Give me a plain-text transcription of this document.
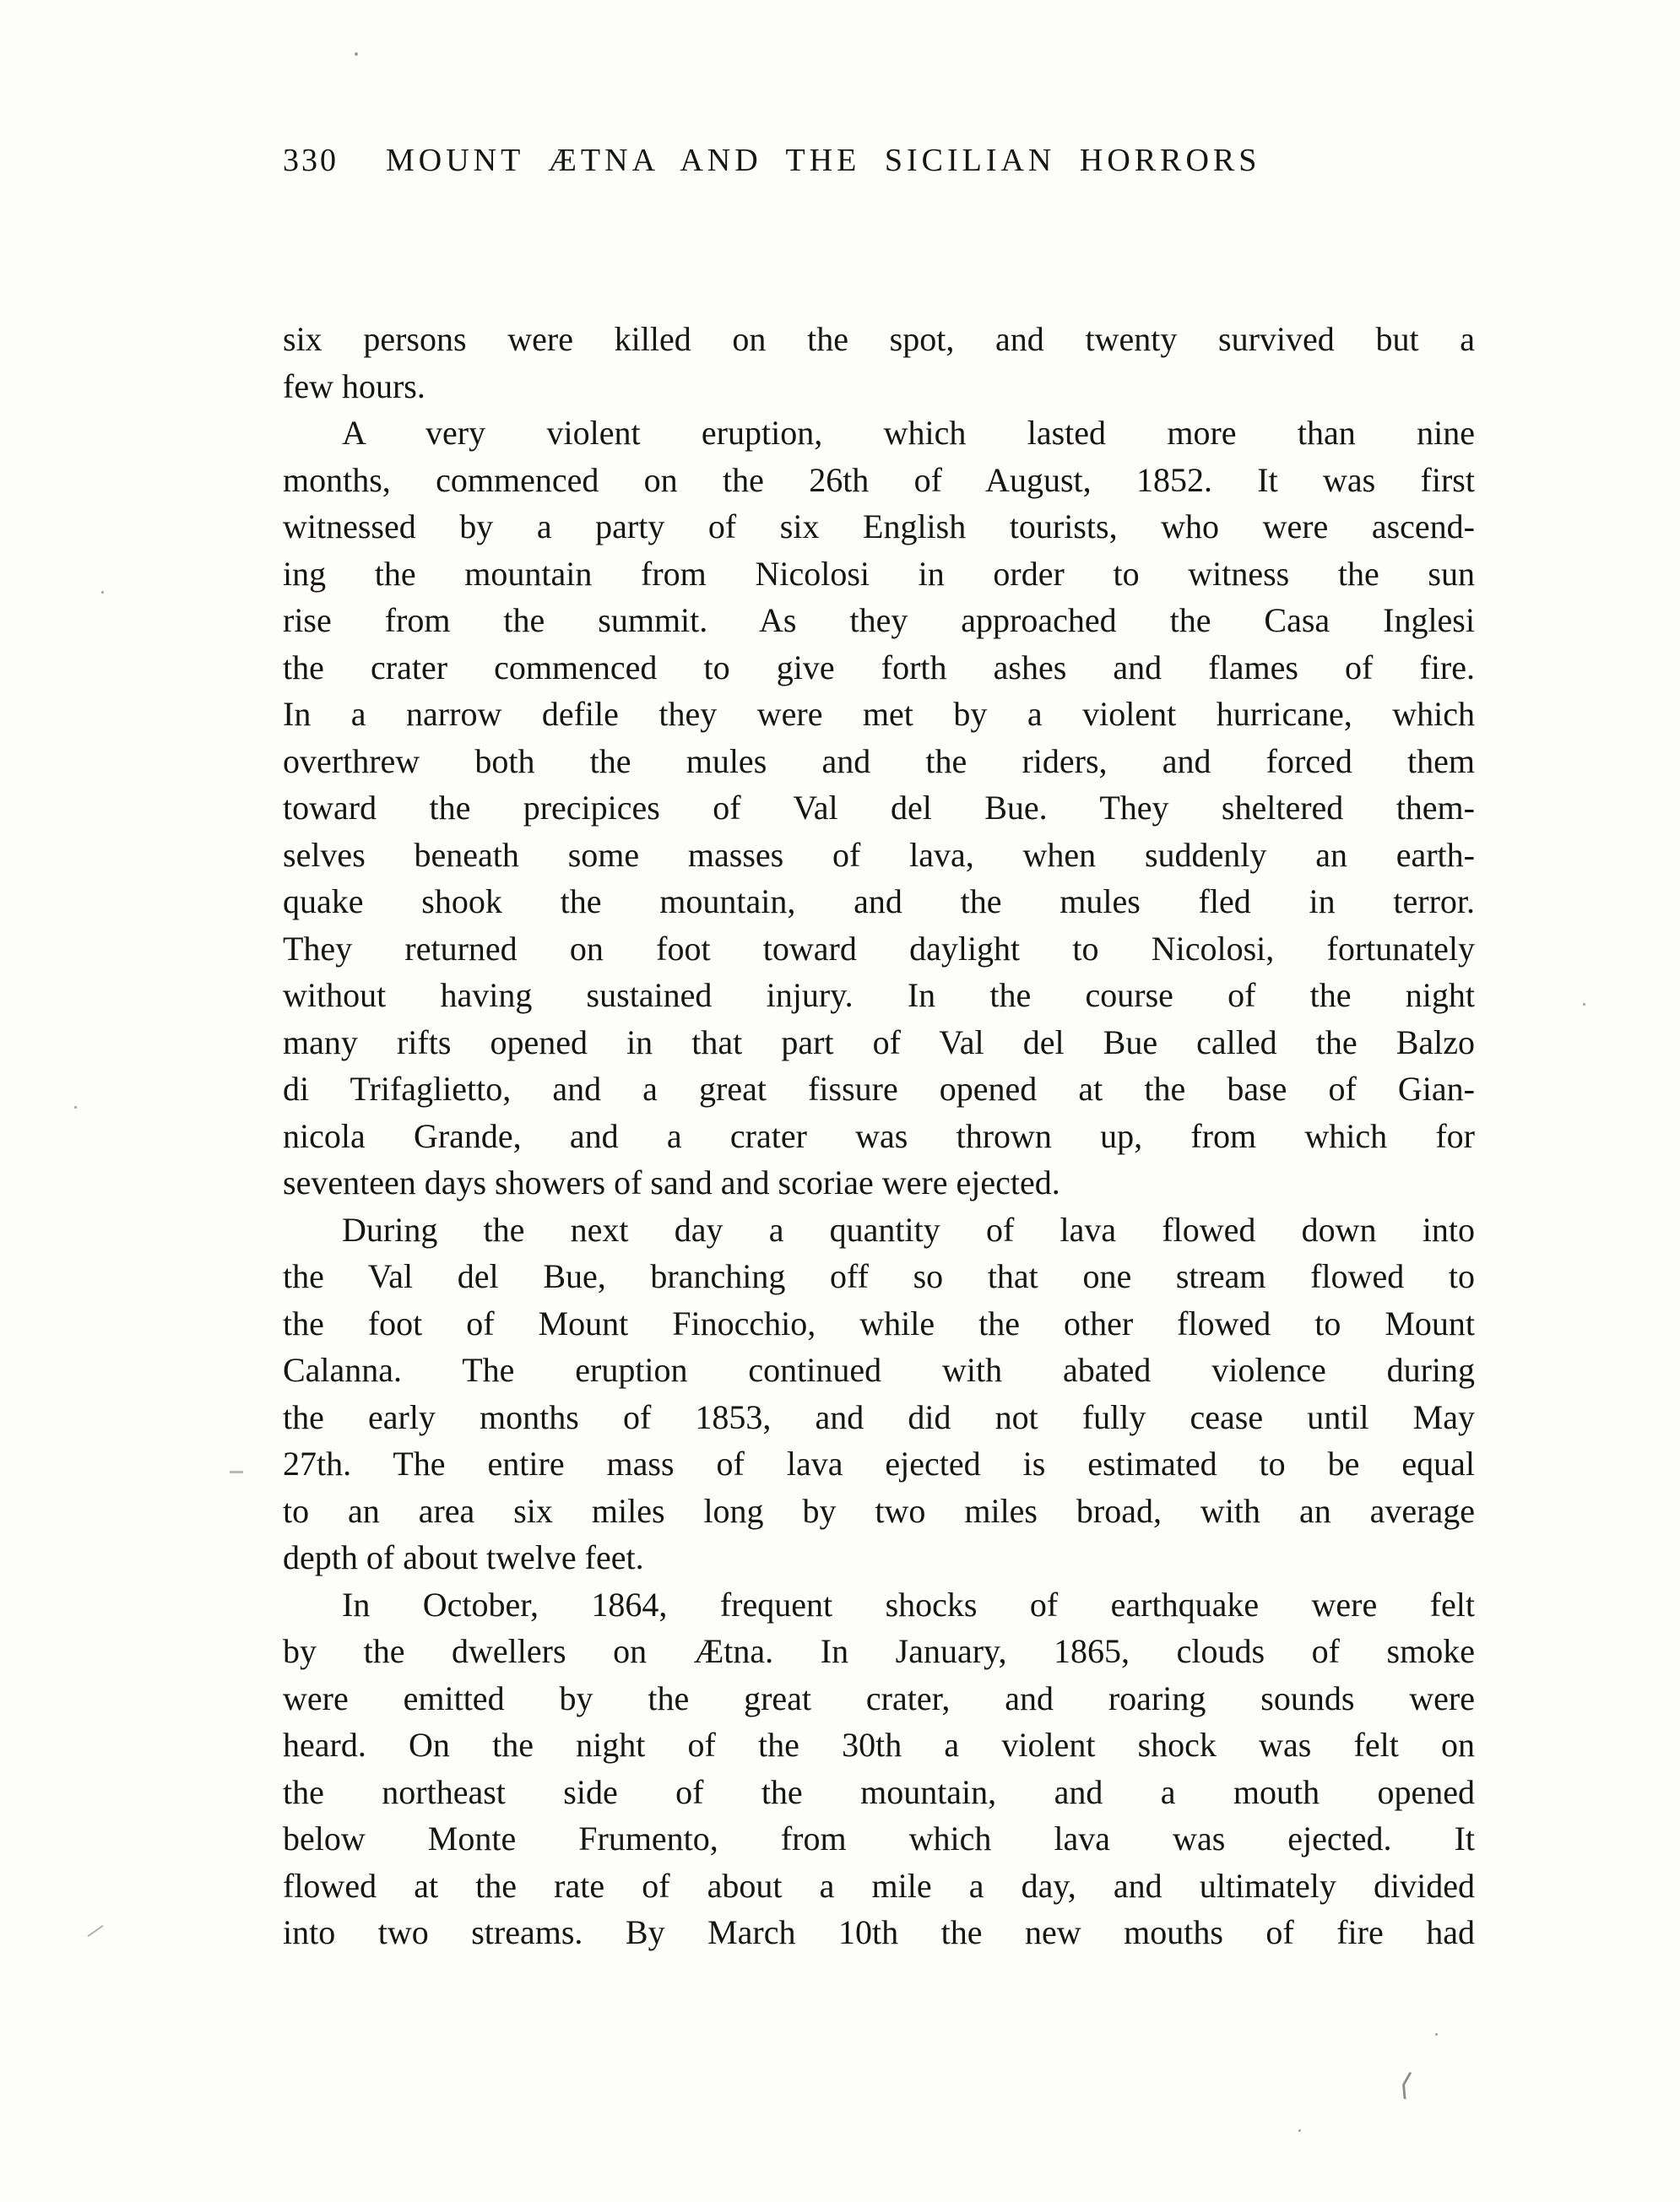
330 MOUNT ÆTNA AND THE SICILIAN HORRORS
six persons were killed on the spot, and twenty survived but a
few hours.
A very violent eruption, which lasted more than nine
months, commenced on the 26th of August, 1852. It was first
witnessed by a party of six English tourists, who were ascend-
ing the mountain from Nicolosi in order to witness the sun
rise from the summit. As they approached the Casa Inglesi
the crater commenced to give forth ashes and flames of fire.
In a narrow defile they were met by a violent hurricane, which
overthrew both the mules and the riders, and forced them
toward the precipices of Val del Bue. They sheltered them-
selves beneath some masses of lava, when suddenly an earth-
quake shook the mountain, and the mules fled in terror.
They returned on foot toward daylight to Nicolosi, fortunately
without having sustained injury. In the course of the night
many rifts opened in that part of Val del Bue called the Balzo
di Trifaglietto, and a great fissure opened at the base of Gian-
nicola Grande, and a crater was thrown up, from which for
seventeen days showers of sand and scoriae were ejected.
During the next day a quantity of lava flowed down into
the Val del Bue, branching off so that one stream flowed to
the foot of Mount Finocchio, while the other flowed to Mount
Calanna. The eruption continued with abated violence during
the early months of 1853, and did not fully cease until May
27th. The entire mass of lava ejected is estimated to be equal
to an area six miles long by two miles broad, with an average
depth of about twelve feet.
In October, 1864, frequent shocks of earthquake were felt
by the dwellers on Ætna. In January, 1865, clouds of smoke
were emitted by the great crater, and roaring sounds were
heard. On the night of the 30th a violent shock was felt on
the northeast side of the mountain, and a mouth opened
below Monte Frumento, from which lava was ejected. It
flowed at the rate of about a mile a day, and ultimately divided
into two streams. By March 10th the new mouths of fire had
⟨
